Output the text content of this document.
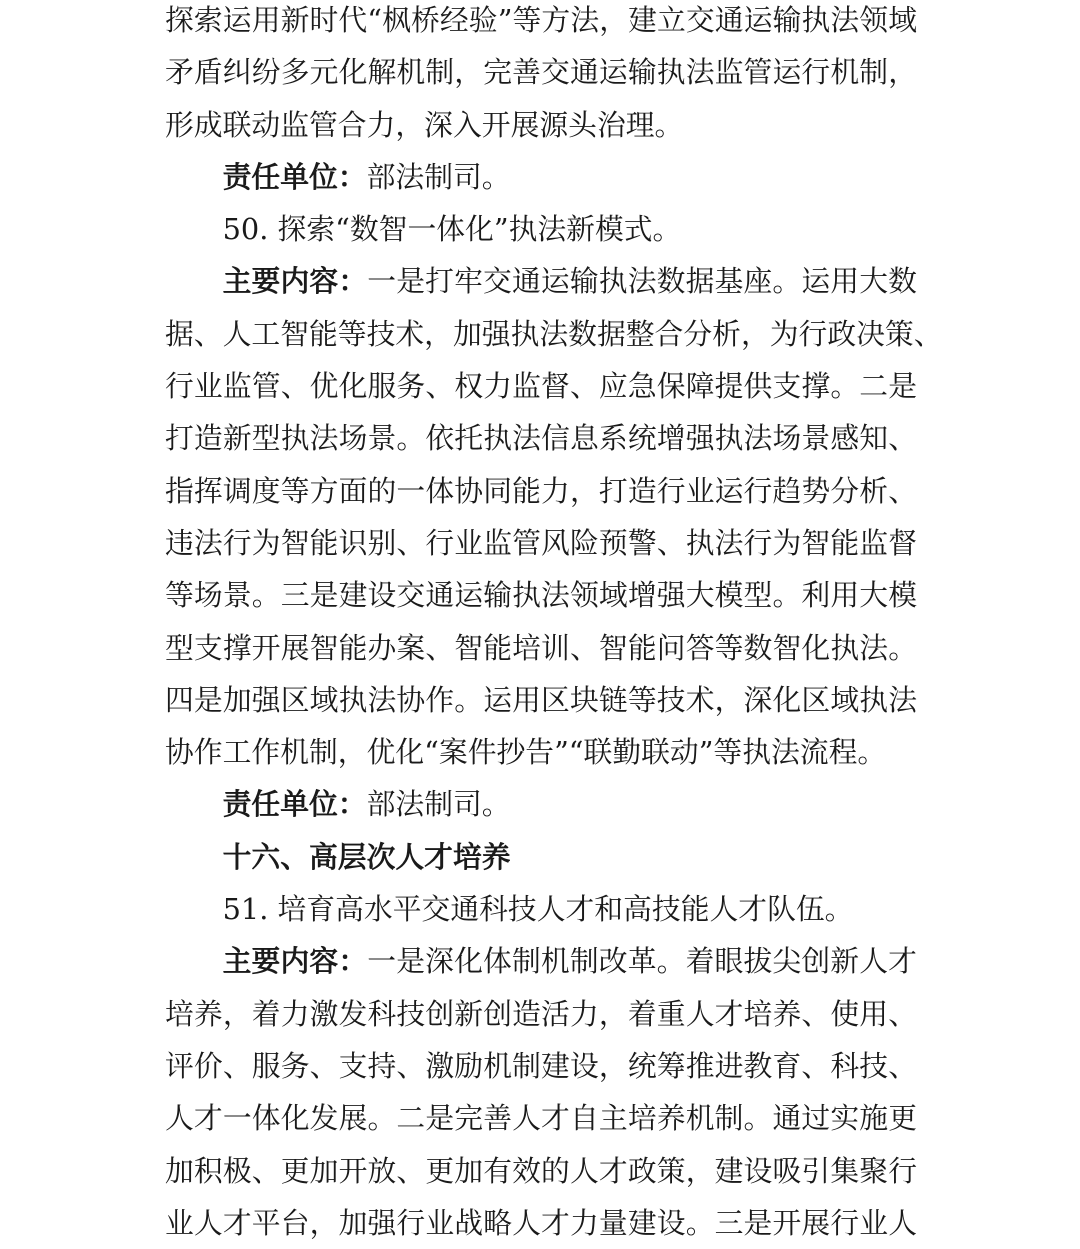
探索运用新时代“枫桥经验”等方法，建立交通运输执法领域
矛盾纠纷多元化解机制，完善交通运输执法监管运行机制，
形成联动监管合力，深入开展源头治理。
责任单位：部法制司。
50. 探索“数智一体化”执法新模式。
主要内容：一是打牢交通运输执法数据基座。运用大数
据、人工智能等技术，加强执法数据整合分析，为行政决策、
行业监管、优化服务、权力监督、应急保障提供支撑。二是
打造新型执法场景。依托执法信息系统增强执法场景感知、
指挥调度等方面的一体协同能力，打造行业运行趋势分析、
违法行为智能识别、行业监管风险预警、执法行为智能监督
等场景。三是建设交通运输执法领域增强大模型。利用大模
型支撑开展智能办案、智能培训、智能问答等数智化执法。
四是加强区域执法协作。运用区块链等技术，深化区域执法
协作工作机制，优化“案件抄告”“联勤联动”等执法流程。
责任单位：部法制司。
十六、高层次人才培养
51. 培育高水平交通科技人才和高技能人才队伍。
主要内容：一是深化体制机制改革。着眼拔尖创新人才
培养，着力激发科技创新创造活力，着重人才培养、使用、
评价、服务、支持、激励机制建设，统筹推进教育、科技、
人才一体化发展。二是完善人才自主培养机制。通过实施更
加积极、更加开放、更加有效的人才政策，建设吸引集聚行
业人才平台，加强行业战略人才力量建设。三是开展行业人
